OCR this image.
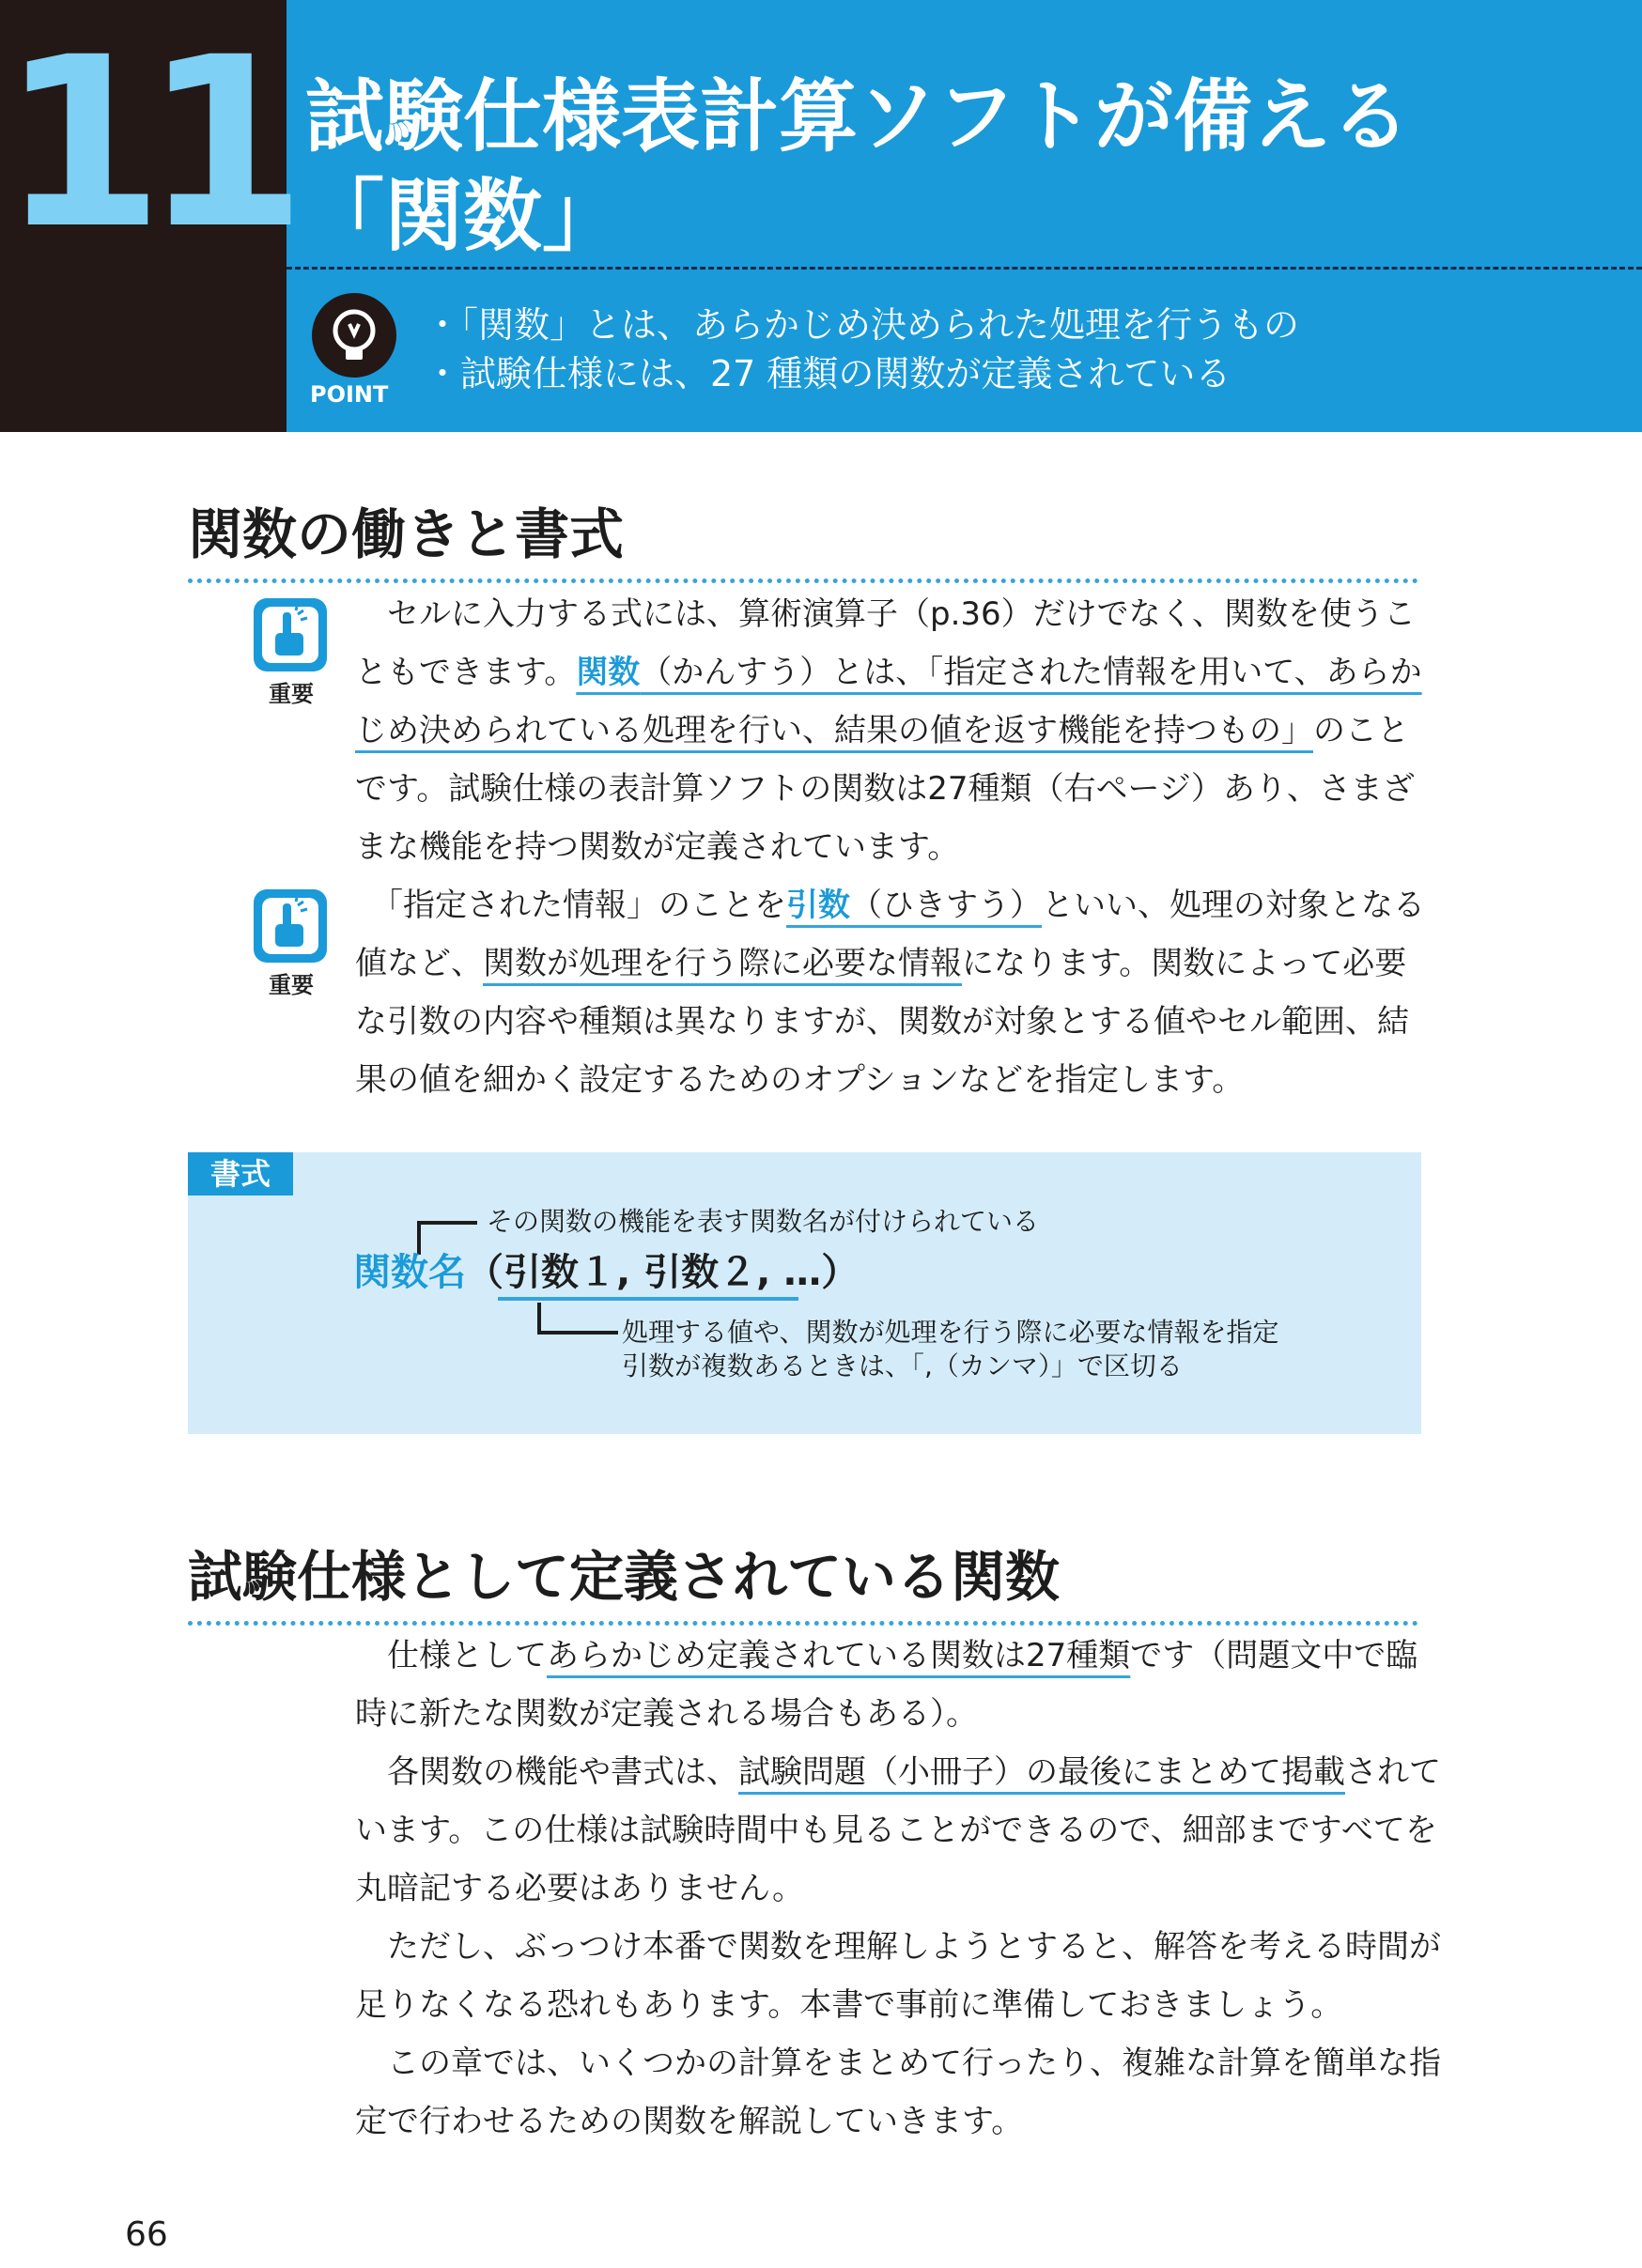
11 試験仕様表計算ソフトが備える
「関数」
POINT
・「関数」とは、あらかじめ決められた処理を行うもの
・試験仕様には、27 種類の関数が定義されている
関数の働きと書式
重要
　セルに入力する式には、算術演算子（p.36）だけでなく、関数を使うこ
ともできます。関数（かんすう）とは、「指定された情報を用いて、あらか
じめ決められている処理を行い、結果の値を返す機能を持つもの」のこと
です。試験仕様の表計算ソフトの関数は27種類（右ページ）あり、さまざ
まな機能を持つ関数が定義されています。
重要
　「指定された情報」のことを引数（ひきすう）といい、処理の対象となる
値など、関数が処理を行う際に必要な情報になります。関数によって必要
な引数の内容や種類は異なりますが、関数が対象とする値やセル範囲、結
果の値を細かく設定するためのオプションなどを指定します。
書式
その関数の機能を表す関数名が付けられている
関数名（引数１, 引数２, …）
処理する値や、関数が処理を行う際に必要な情報を指定
引数が複数あるときは、「,（カンマ）」で区切る
試験仕様として定義されている関数
　仕様としてあらかじめ定義されている関数は27種類です（問題文中で臨
時に新たな関数が定義される場合もある）。
　各関数の機能や書式は、試験問題（小冊子）の最後にまとめて掲載されて
います。この仕様は試験時間中も見ることができるので、細部まですべてを
丸暗記する必要はありません。
　ただし、ぶっつけ本番で関数を理解しようとすると、解答を考える時間が
足りなくなる恐れもあります。本書で事前に準備しておきましょう。
　この章では、いくつかの計算をまとめて行ったり、複雑な計算を簡単な指
定で行わせるための関数を解説していきます。
66
